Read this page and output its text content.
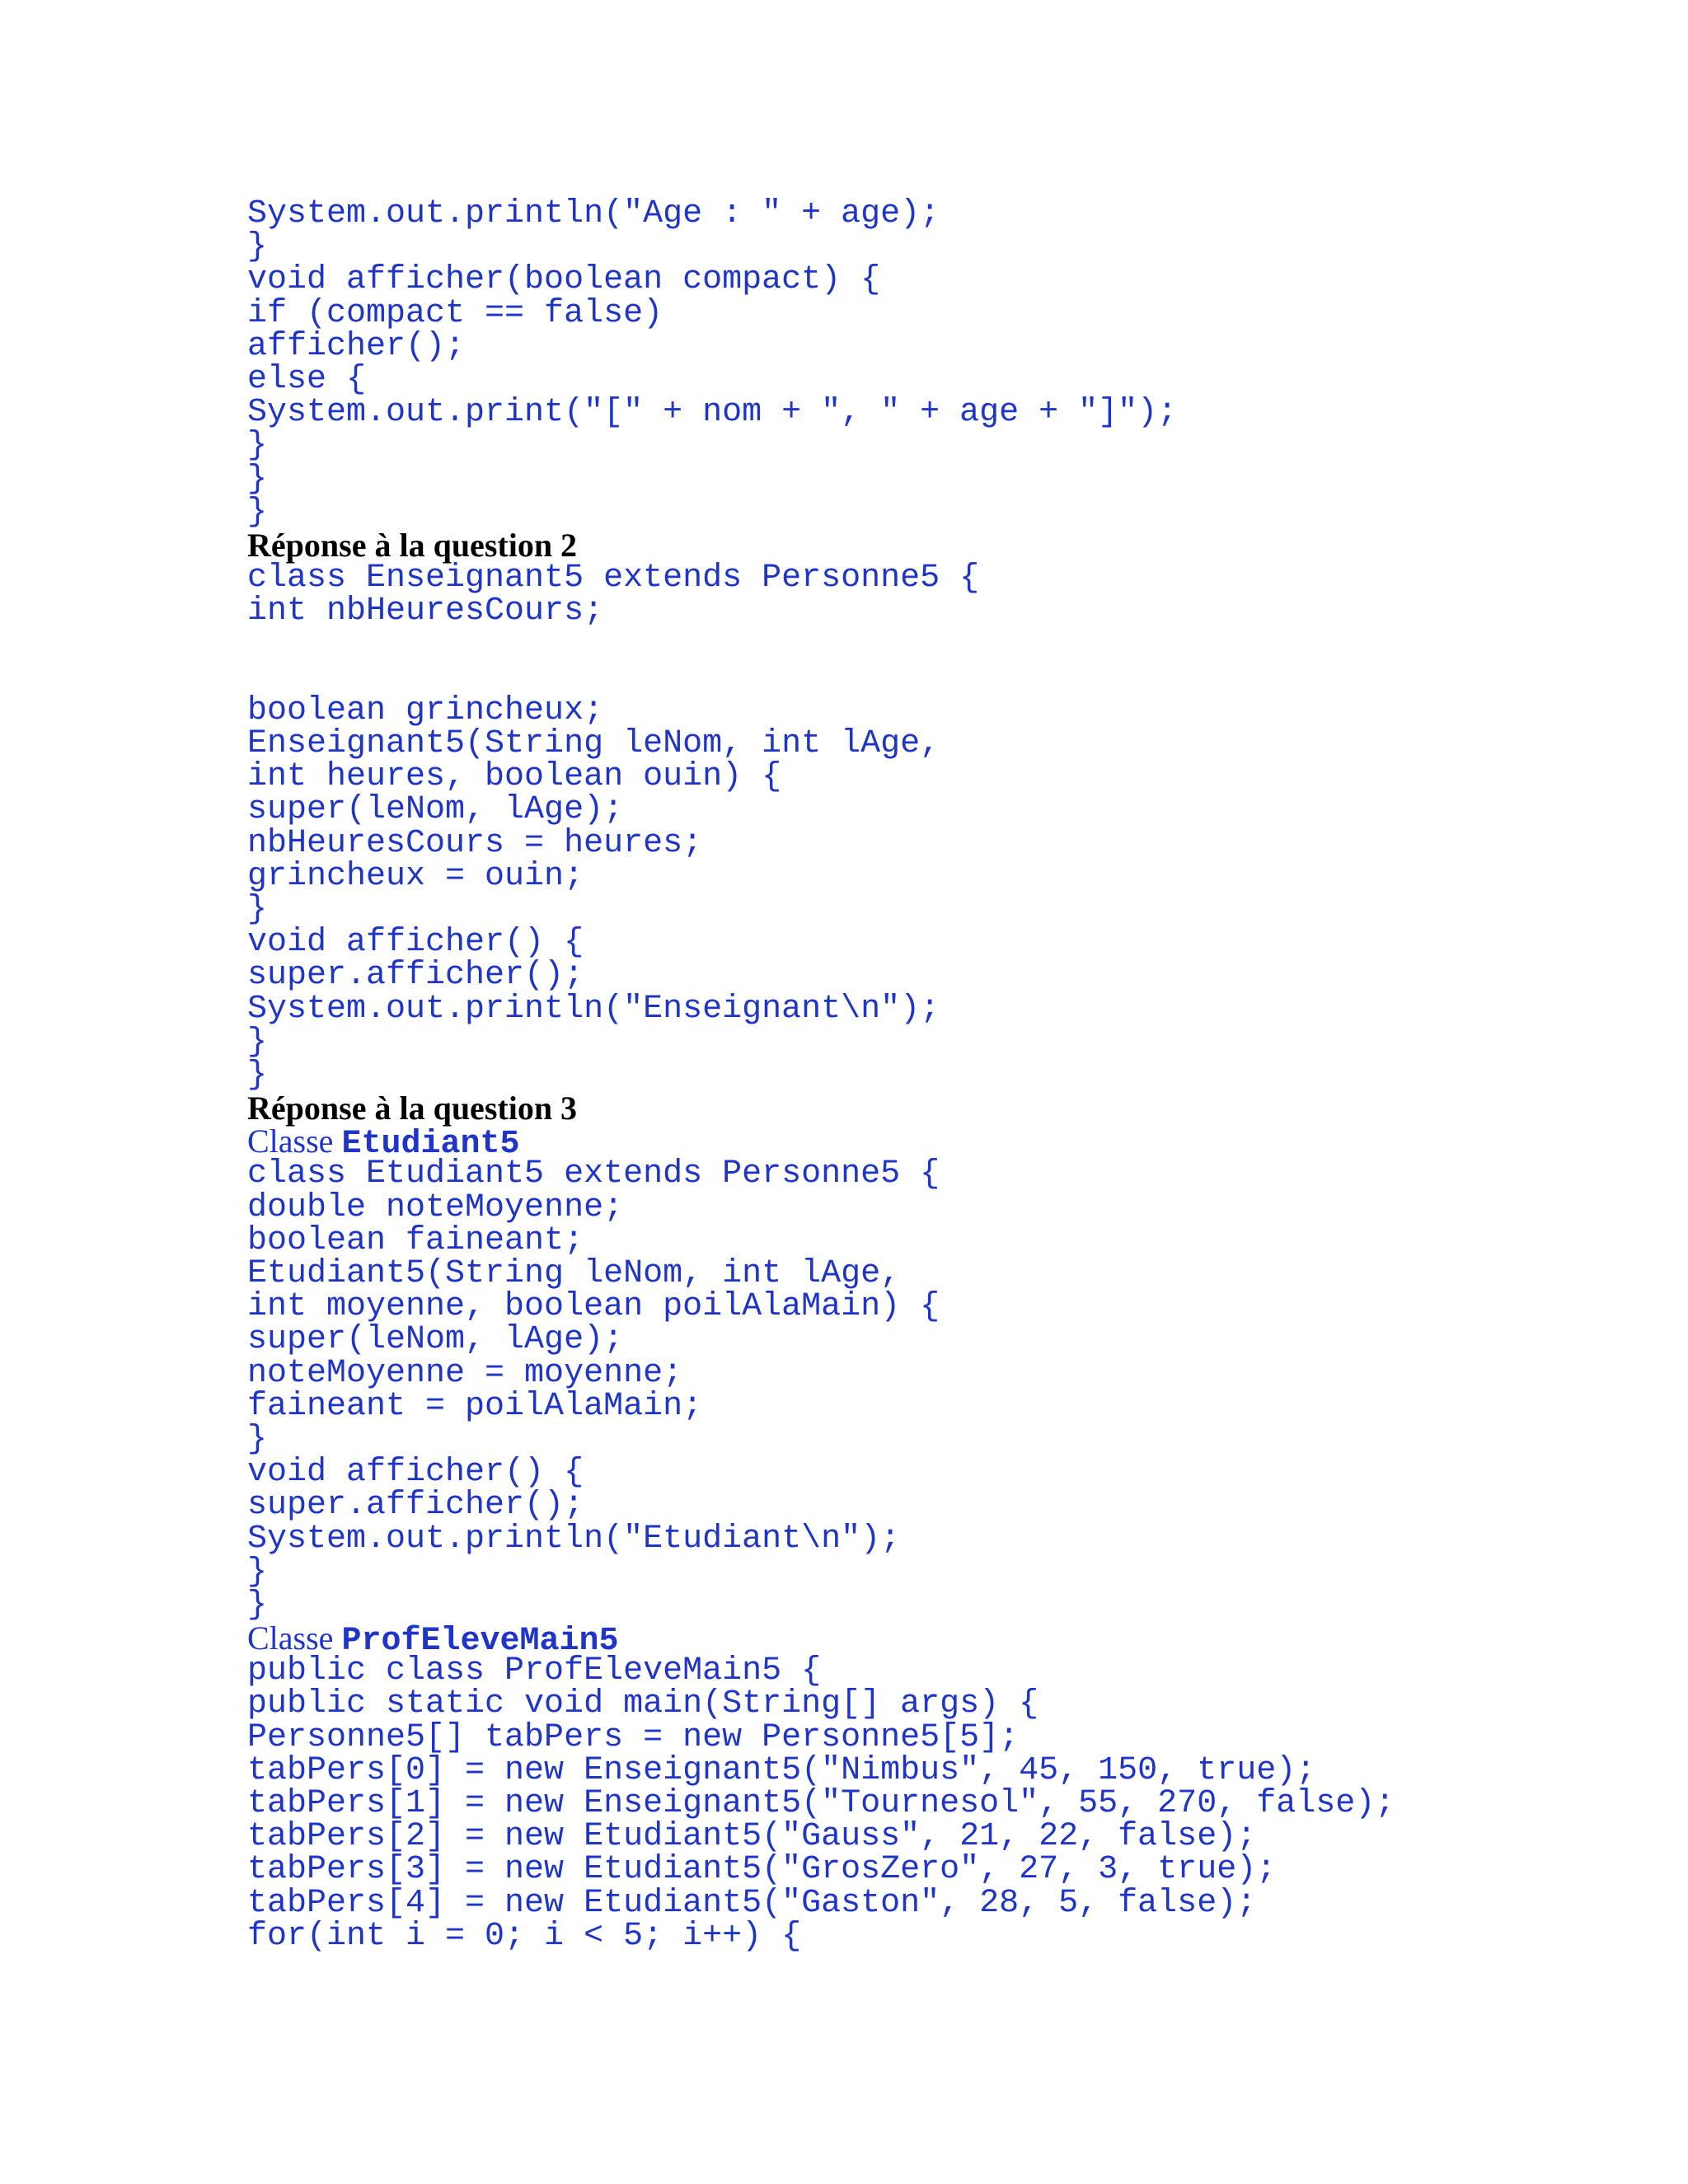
System.out.println("Age : " + age);
}
void afficher(boolean compact) {
if (compact == false)
afficher();
else {
System.out.print("[" + nom + ", " + age + "]");
}
}
}
Réponse à la question 2
class Enseignant5 extends Personne5 {
int nbHeuresCours;
boolean grincheux;
Enseignant5(String leNom, int lAge,
int heures, boolean ouin) {
super(leNom, lAge);
nbHeuresCours = heures;
grincheux = ouin;
}
void afficher() {
super.afficher();
System.out.println("Enseignant\n");
}
}
Réponse à la question 3
Classe Etudiant5
class Etudiant5 extends Personne5 {
double noteMoyenne;
boolean faineant;
Etudiant5(String leNom, int lAge,
int moyenne, boolean poilAlaMain) {
super(leNom, lAge);
noteMoyenne = moyenne;
faineant = poilAlaMain;
}
void afficher() {
super.afficher();
System.out.println("Etudiant\n");
}
}
Classe ProfEleveMain5
public class ProfEleveMain5 {
public static void main(String[] args) {
Personne5[] tabPers = new Personne5[5];
tabPers[0] = new Enseignant5("Nimbus", 45, 150, true);
tabPers[1] = new Enseignant5("Tournesol", 55, 270, false);
tabPers[2] = new Etudiant5("Gauss", 21, 22, false);
tabPers[3] = new Etudiant5("GrosZero", 27, 3, true);
tabPers[4] = new Etudiant5("Gaston", 28, 5, false);
for(int i = 0; i < 5; i++) {
